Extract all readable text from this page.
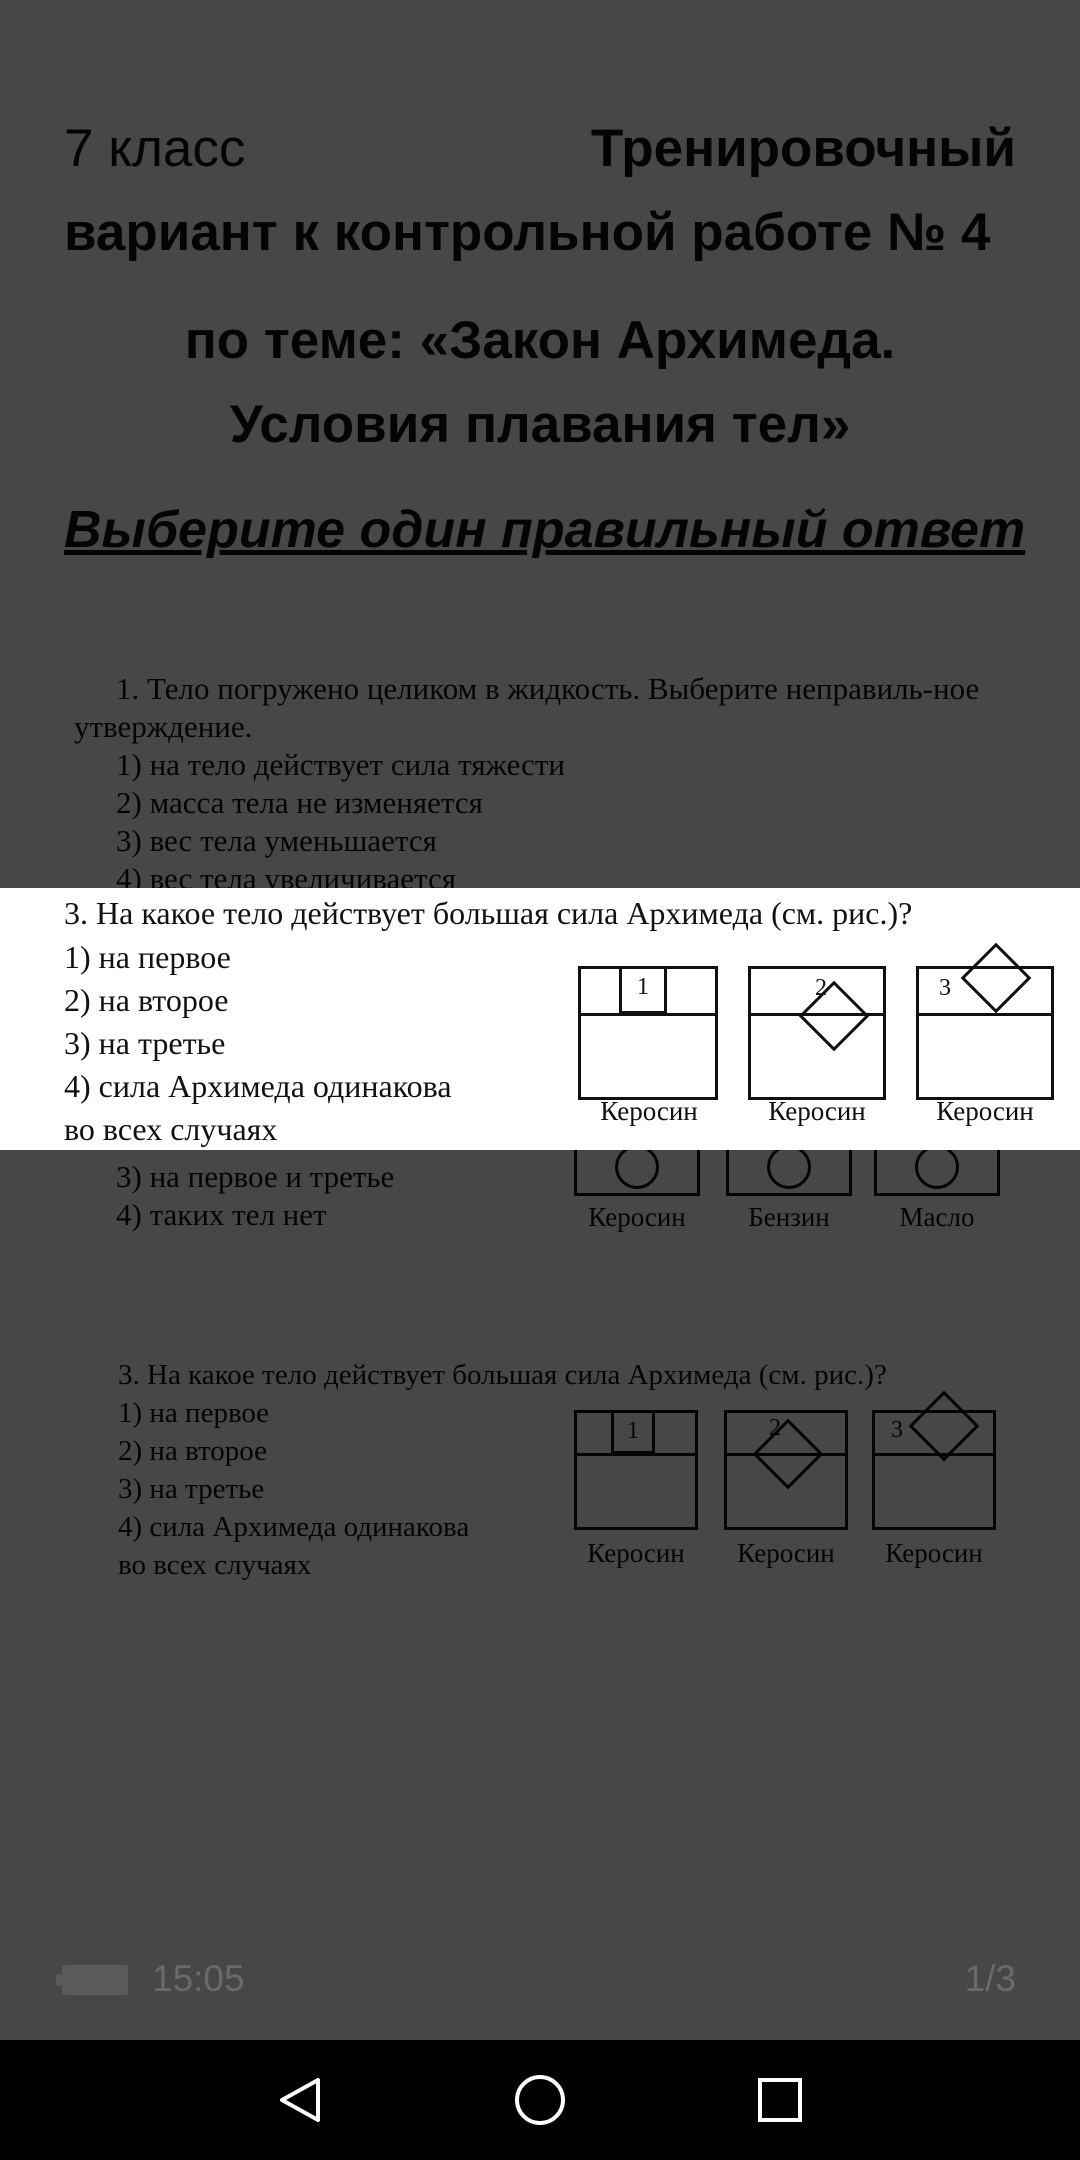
3. На какое тело действует большая сила Архимеда (см. рис.)?
1) на первое
2) на второе
3) на третье
4) сила Архимеда одинакова
во всех случаях
1	2	3
Керосин	Керосин	Керосин
15:05	1/3
